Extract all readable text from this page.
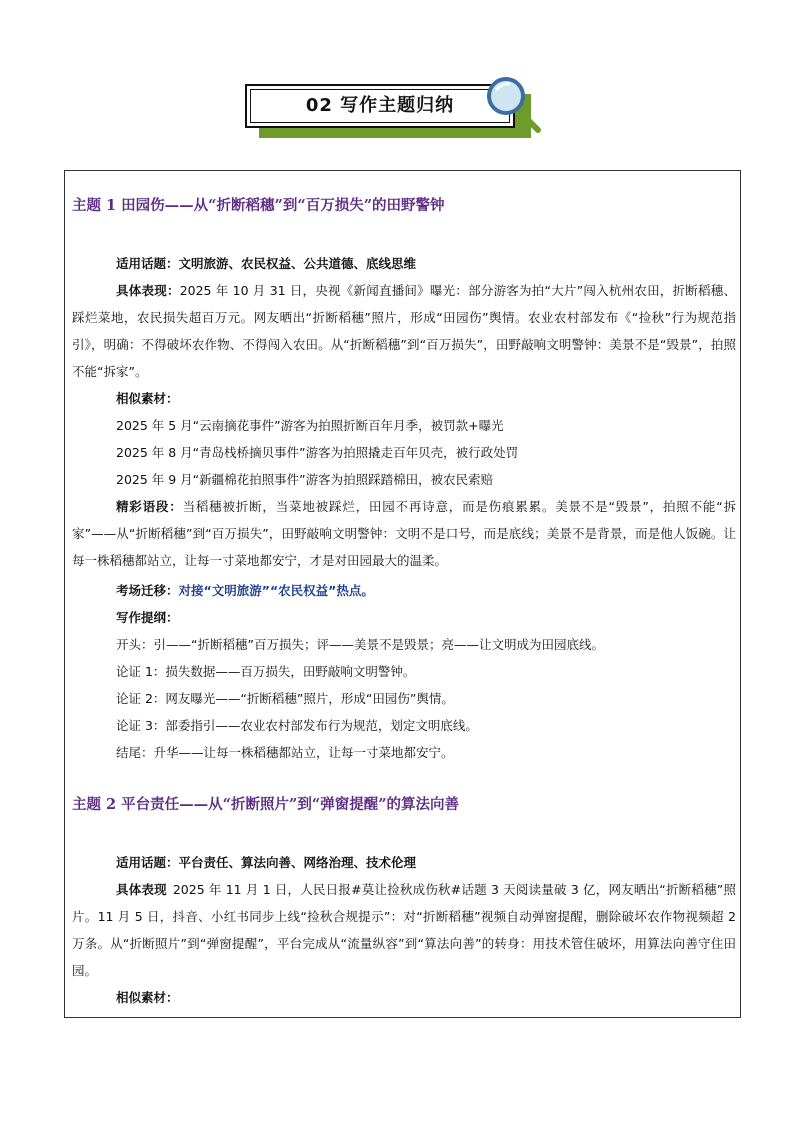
02 写作主题归纳
主题 1 田园伤——从“折断稻穗”到“百万损失”的田野警钟
适用话题：文明旅游、农民权益、公共道德、底线思维
具体表现：2025 年 10 月 31 日，央视《新闻直播间》曝光：部分游客为拍“大片”闯入杭州农田，折断稻穗、踩烂菜地，农民损失超百万元。网友晒出“折断稻穗”照片，形成“田园伤”舆情。农业农村部发布《“捡秋”行为规范指引》，明确：不得破坏农作物、不得闯入农田。从“折断稻穗”到“百万损失”，田野敲响文明警钟：美景不是“毁景”，拍照不能“拆家”。
相似素材：
2025 年 5 月“云南摘花事件”游客为拍照折断百年月季，被罚款+曝光
2025 年 8 月“青岛栈桥摘贝事件”游客为拍照撬走百年贝壳，被行政处罚
2025 年 9 月“新疆棉花拍照事件”游客为拍照踩踏棉田，被农民索赔
精彩语段：当稻穗被折断，当菜地被踩烂，田园不再诗意，而是伤痕累累。美景不是“毁景”，拍照不能“拆家”——从“折断稻穗”到“百万损失”，田野敲响文明警钟：文明不是口号，而是底线；美景不是背景，而是他人饭碗。让每一株稻穗都站立，让每一寸菜地都安宁，才是对田园最大的温柔。
考场迁移：对接“文明旅游”“农民权益”热点。
写作提纲：
开头：引——“折断稻穗”百万损失；评——美景不是毁景；亮——让文明成为田园底线。
论证 1：损失数据——百万损失，田野敲响文明警钟。
论证 2：网友曝光——“折断稻穗”照片，形成“田园伤”舆情。
论证 3：部委指引——农业农村部发布行为规范，划定文明底线。
结尾：升华——让每一株稻穗都站立，让每一寸菜地都安宁。
主题 2 平台责任——从“折断照片”到“弹窗提醒”的算法向善
适用话题：平台责任、算法向善、网络治理、技术伦理
具体表现 2025 年 11 月 1 日，人民日报#莫让捡秋成伤秋#话题 3 天阅读量破 3 亿，网友晒出“折断稻穗”照片。11 月 5 日，抖音、小红书同步上线“捡秋合规提示”：对“折断稻穗”视频自动弹窗提醒，删除破坏农作物视频超 2 万条。从“折断照片”到“弹窗提醒”，平台完成从“流量纵容”到“算法向善”的转身：用技术管住破坏，用算法向善守住田园。
相似素材：
